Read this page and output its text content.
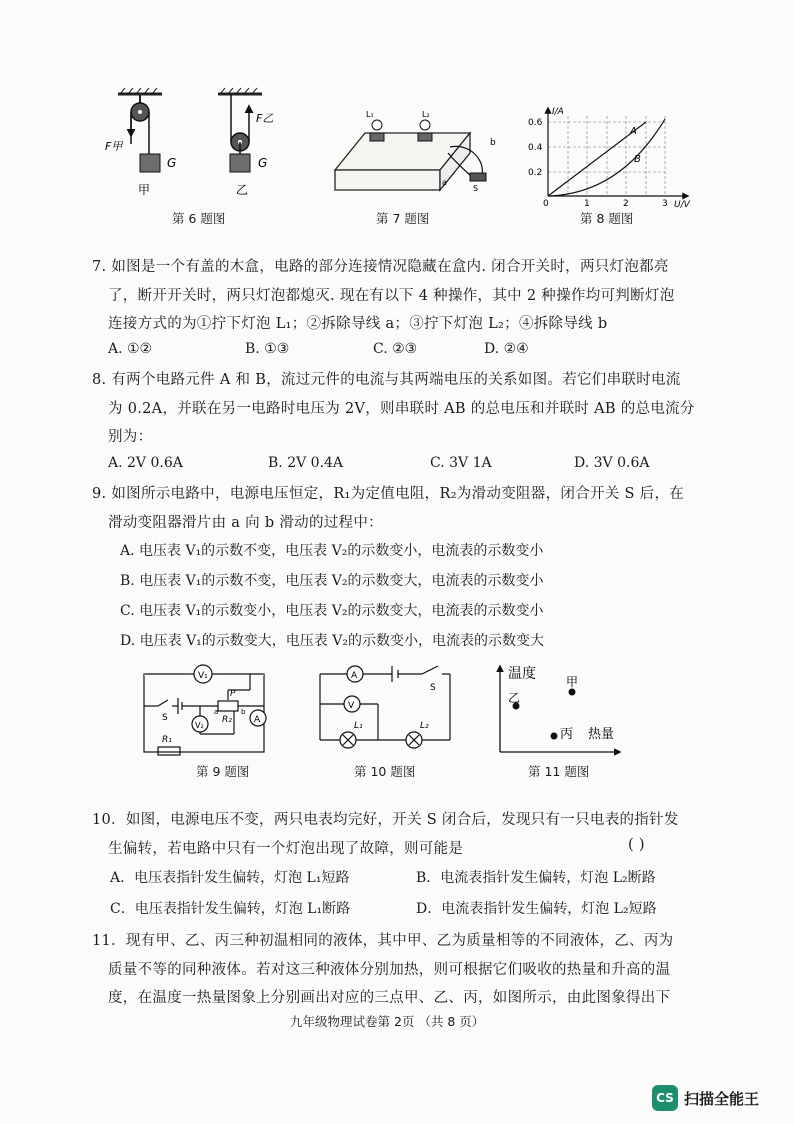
F甲
G
F乙
G
甲	乙
第 6 题图
L₁	L₂
b
a
S
第 7 题图
I/A
U/V
0.6
0.4
0.2
0	1	2	3
A
B
第 8 题图
7. 如图是一个有盖的木盒，电路的部分连接情况隐藏在盒内. 闭合开关时，两只灯泡都亮
了，断开开关时，两只灯泡都熄灭. 现在有以下 4 种操作，其中 2 种操作均可判断灯泡
连接方式的为①拧下灯泡 L₁；②拆除导线 a；③拧下灯泡 L₂；④拆除导线 b
A. ①②	B. ①③	C. ②③	D. ②④
8. 有两个电路元件 A 和 B，流过元件的电流与其两端电压的关系如图。若它们串联时电流
为 0.2A，并联在另一电路时电压为 2V，则串联时 AB 的总电压和并联时 AB 的总电流分
别为：
A. 2V 0.6A	B. 2V 0.4A	C. 3V 1A	D. 3V 0.6A
9. 如图所示电路中，电源电压恒定，R₁为定值电阻，R₂为滑动变阻器，闭合开关 S 后，在
滑动变阻器滑片由 a 向 b 滑动的过程中：
A. 电压表 V₁的示数不变，电压表 V₂的示数变小，电流表的示数变小
B. 电压表 V₁的示数不变，电压表 V₂的示数变大，电流表的示数变小
C. 电压表 V₁的示数变小，电压表 V₂的示数变大，电流表的示数变小
D. 电压表 V₁的示数变大，电压表 V₂的示数变小，电流表的示数变大
V₁
V₂
A
S
P
R₂
a	b
R₁
第 9 题图
A
V
S
L₁	L₂
第 10 题图
温度
热量
甲
乙
丙
第 11 题图
10．如图，电源电压不变，两只电表均完好，开关 S 闭合后，发现只有一只电表的指针发
生偏转，若电路中只有一个灯泡出现了故障，则可能是	( )
A．电压表指针发生偏转，灯泡 L₁短路	B．电流表指针发生偏转，灯泡 L₂断路
C．电压表指针发生偏转，灯泡 L₁断路	D．电流表指针发生偏转，灯泡 L₂短路
11．现有甲、乙、丙三种初温相同的液体，其中甲、乙为质量相等的不同液体，乙、丙为
质量不等的同种液体。若对这三种液体分别加热，则可根据它们吸收的热量和升高的温
度，在温度一热量图象上分别画出对应的三点甲、乙、丙，如图所示，由此图象得出下
九年级物理试卷第 2页 （共 8 页）
CS 扫描全能王
